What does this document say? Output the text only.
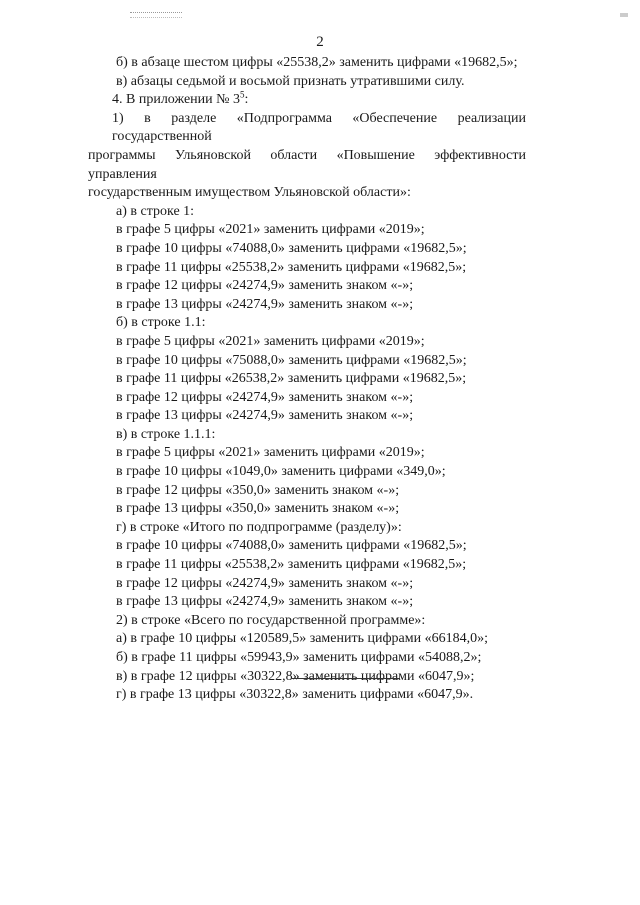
2
б) в абзаце шестом цифры «25538,2» заменить цифрами «19682,5»;
в) абзацы седьмой и восьмой признать утратившими силу.
4. В приложении № $3^5$:
1) в разделе «Подпрограмма «Обеспечение реализации государственной
программы Ульяновской области «Повышение эффективности управления
государственным имуществом Ульяновской области»:
а) в строке 1:
в графе 5 цифры «2021» заменить цифрами «2019»;
в графе 10 цифры «74088,0» заменить цифрами «19682,5»;
в графе 11 цифры «25538,2» заменить цифрами «19682,5»;
в графе 12 цифры «24274,9» заменить знаком «-»;
в графе 13 цифры «24274,9» заменить знаком «-»;
б) в строке 1.1:
в графе 5 цифры «2021» заменить цифрами «2019»;
в графе 10 цифры «75088,0» заменить цифрами «19682,5»;
в графе 11 цифры «26538,2» заменить цифрами «19682,5»;
в графе 12 цифры «24274,9» заменить знаком «-»;
в графе 13 цифры «24274,9» заменить знаком «-»;
в) в строке 1.1.1:
в графе 5 цифры «2021» заменить цифрами «2019»;
в графе 10 цифры «1049,0» заменить цифрами «349,0»;
в графе 12 цифры «350,0» заменить знаком «-»;
в графе 13 цифры «350,0» заменить знаком «-»;
г) в строке «Итого по подпрограмме (разделу)»:
в графе 10 цифры «74088,0» заменить цифрами «19682,5»;
в графе 11 цифры «25538,2» заменить цифрами «19682,5»;
в графе 12 цифры «24274,9» заменить знаком «-»;
в графе 13 цифры «24274,9» заменить знаком «-»;
2) в строке «Всего по государственной программе»:
а) в графе 10 цифры «120589,5» заменить цифрами «66184,0»;
б) в графе 11 цифры «59943,9» заменить цифрами «54088,2»;
в) в графе 12 цифры «30322,8» заменить цифрами «6047,9»;
г) в графе 13 цифры «30322,8» заменить цифрами «6047,9».
